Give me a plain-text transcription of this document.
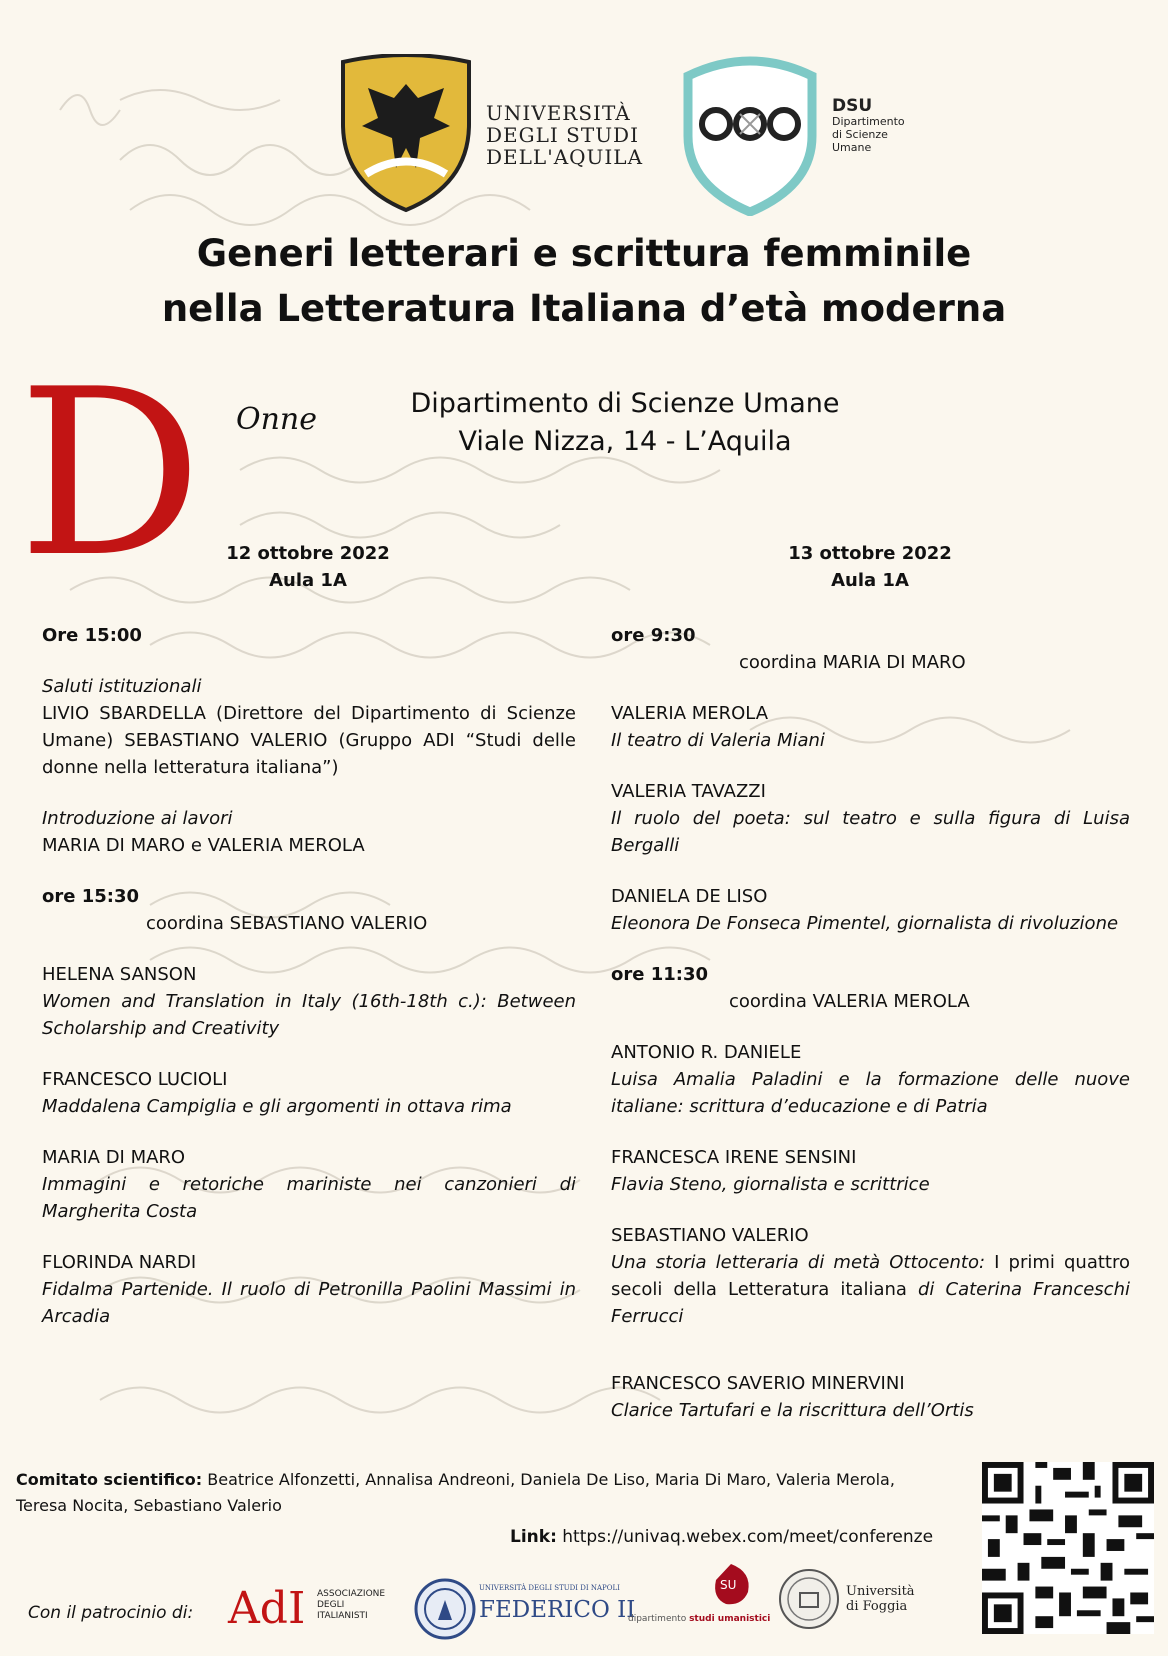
UNIVERSITÀ
DEGLI STUDI
DELL'AQUILA
DSU
Dipartimento
di Scienze
Umane
Generi letterari e scrittura femminile
nella Letteratura Italiana d’età moderna
D Onne	Dipartimento di Scienze Umane
Viale Nizza, 14 - L’Aquila
12 ottobre 2022
Aula 1A
13 ottobre 2022
Aula 1A
Ore 15:00
Saluti istituzionali
LIVIO SBARDELLA (Direttore del Dipartimento di Scienze Umane) SEBASTIANO VALERIO (Gruppo ADI “Studi delle donne nella letteratura italiana”)
Introduzione ai lavori
MARIA DI MARO e VALERIA MEROLA
ore 15:30
coordina SEBASTIANO VALERIO
HELENA SANSON
Women and Translation in Italy (16th-18th c.): Between Scholarship and Creativity
FRANCESCO LUCIOLI
Maddalena Campiglia e gli argomenti in ottava rima
MARIA DI MARO
Immagini e retoriche mariniste nei canzonieri di Margherita Costa
FLORINDA NARDI
Fidalma Partenide. Il ruolo di Petronilla Paolini Massimi in Arcadia
ore 9:30
coordina MARIA DI MARO
VALERIA MEROLA
Il teatro di Valeria Miani
VALERIA TAVAZZI
Il ruolo del poeta: sul teatro e sulla figura di Luisa Bergalli
DANIELA DE LISO
Eleonora De Fonseca Pimentel, giornalista di rivoluzione
ore 11:30
coordina VALERIA MEROLA
ANTONIO R. DANIELE
Luisa Amalia Paladini e la formazione delle nuove italiane: scrittura d’educazione e di Patria
FRANCESCA IRENE SENSINI
Flavia Steno, giornalista e scrittrice
SEBASTIANO VALERIO
Una storia letteraria di metà Ottocento: I primi quattro secoli della Letteratura italiana di Caterina Franceschi Ferrucci
FRANCESCO SAVERIO MINERVINI
Clarice Tartufari e la riscrittura dell’Ortis
Comitato scientifico: Beatrice Alfonzetti, Annalisa Andreoni, Daniela De Liso, Maria Di Maro, Valeria Merola, Teresa Nocita, Sebastiano Valerio
Link: https://univaq.webex.com/meet/conferenze
Con il patrocinio di: AdI ASSOCIAZIONE
DEGLI
ITALIANISTI
UNIVERSITÀ DEGLI STUDI DI NAPOLI
FEDERICO II
SU
dipartimento studi umanistici
Università
di Foggia
